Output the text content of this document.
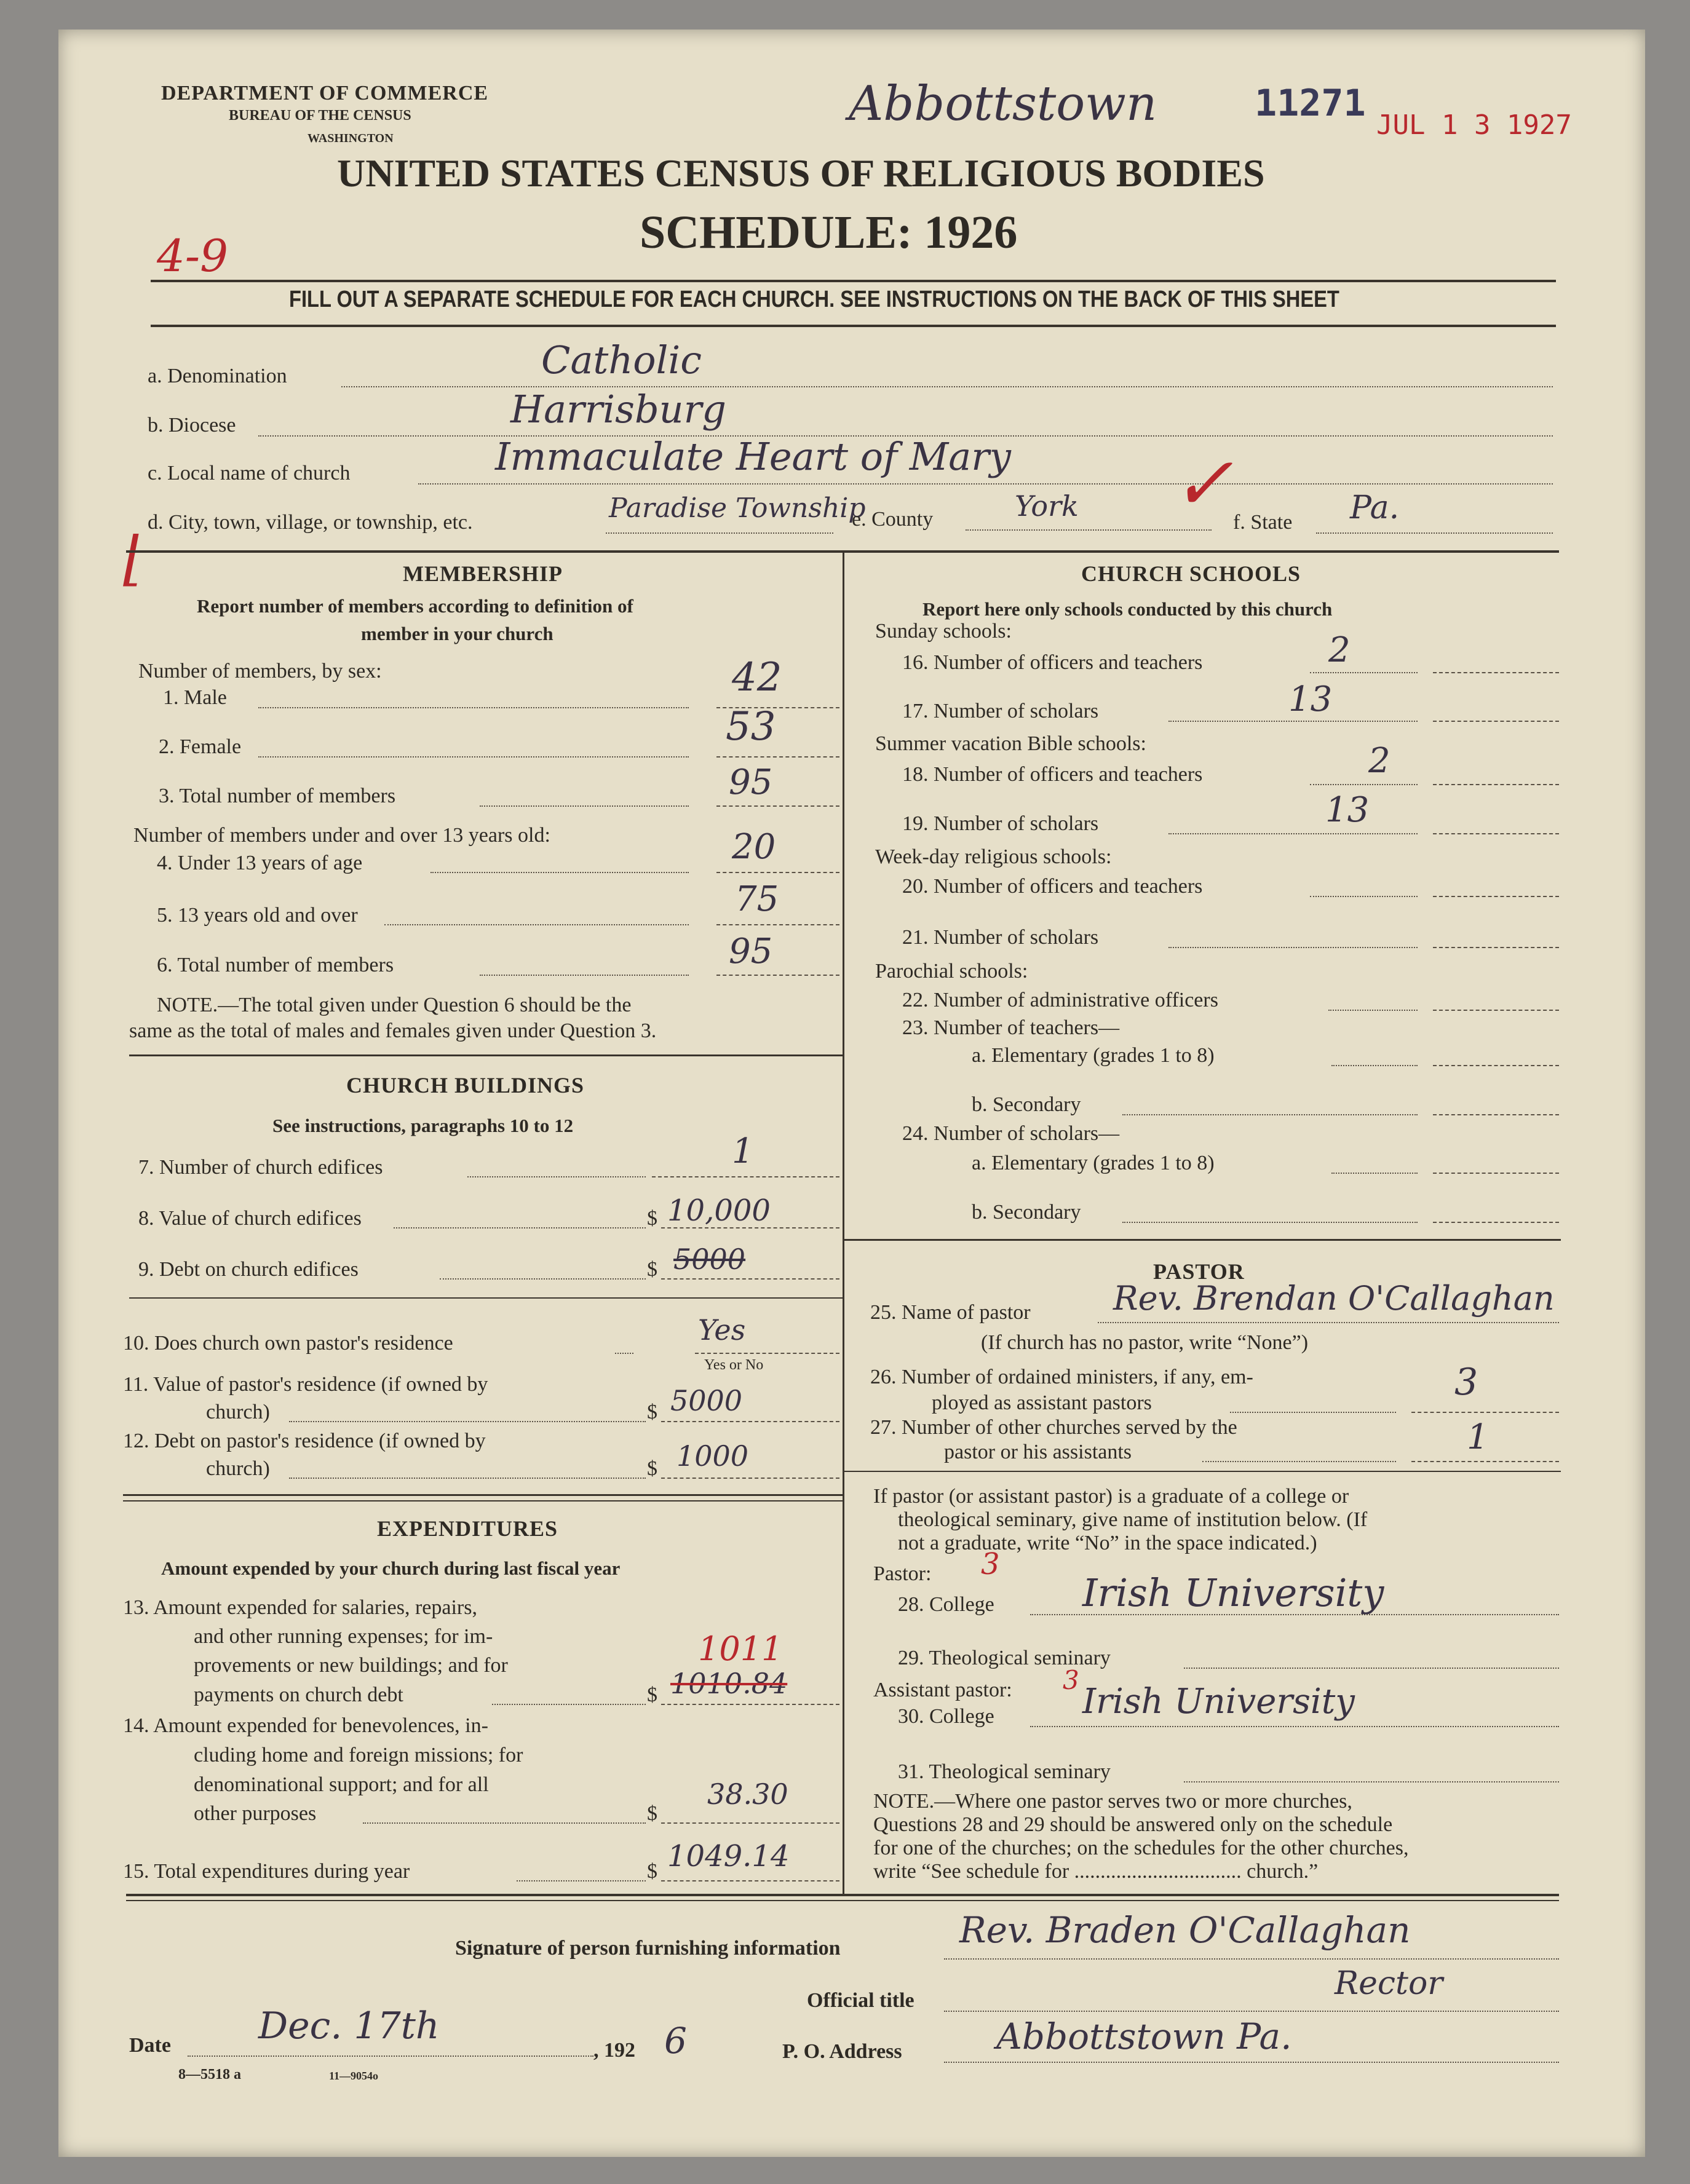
DEPARTMENT OF COMMERCE
BUREAU OF THE CENSUS
WASHINGTON
Abbottstown	11271
JUL 1 3 1927
UNITED STATES CENSUS OF RELIGIOUS BODIES
SCHEDULE: 1926
4-9
FILL OUT A SEPARATE SCHEDULE FOR EACH CHURCH. SEE INSTRUCTIONS ON THE BACK OF THIS SHEET
a. Denomination	Catholic
b. Diocese	Harrisburg
c. Local name of church	Immaculate Heart of Mary
d. City, town, village, or township, etc.	Paradise Township
e. County	York ✓ f. State Pa.
⌊	MEMBERSHIP
Report number of members according to definition of
member in your church
Number of members, by sex:
1. Male	42
2. Female	53
3. Total number of members	95
Number of members under and over 13 years old:
4. Under 13 years of age	20
5. 13 years old and over	75
6. Total number of members	95
NOTE.—The total given under Question 6 should be the
same as the total of males and females given under Question 3.
CHURCH BUILDINGS
See instructions, paragraphs 10 to 12
7. Number of church edifices	1
8. Value of church edifices	$ 10,000
9. Debt on church edifices	$ 5000
10. Does church own pastor's residence	Yes
Yes or No
11. Value of pastor's residence (if owned by
church)	$ 5000
12. Debt on pastor's residence (if owned by
church)	$ 1000
EXPENDITURES
Amount expended by your church during last fiscal year
13. Amount expended for salaries, repairs,
and other running expenses; for im-
provements or new buildings; and for
payments on church debt	$
1011
1010.84
14. Amount expended for benevolences, in-
cluding home and foreign missions; for
denominational support; and for all
other purposes	$
38.30
15. Total expenditures during year	$ 1049.14
CHURCH SCHOOLS
Report here only schools conducted by this church
Sunday schools:
16. Number of officers and teachers	2
17. Number of scholars	13
Summer vacation Bible schools:
18. Number of officers and teachers	2
19. Number of scholars	13
Week-day religious schools:
20. Number of officers and teachers
21. Number of scholars
Parochial schools:
22. Number of administrative officers
23. Number of teachers—
a. Elementary (grades 1 to 8)
b. Secondary
24. Number of scholars—
a. Elementary (grades 1 to 8)
b. Secondary
PASTOR
25. Name of pastor Rev. Brendan O'Callaghan
(If church has no pastor, write “None”)
26. Number of ordained ministers, if any, em-
ployed as assistant pastors	3
27. Number of other churches served by the
pastor or his assistants	1
If pastor (or assistant pastor) is a graduate of a college or
theological seminary, give name of institution below. (If
not a graduate, write “No” in the space indicated.)
Pastor: 3
28. College Irish University
29. Theological seminary
Assistant pastor: 3
30. College	Irish University
31. Theological seminary
NOTE.—Where one pastor serves two or more churches,
Questions 28 and 29 should be answered only on the schedule
for one of the churches; on the schedules for the other churches,
write “See schedule for ................................ church.”
Signature of person furnishing information	Rev. Braden O'Callaghan
Official title	Rector
Date Dec. 17th
, 192 6	P. O. Address	Abbottstown Pa.
8—5518 a	11—9054o
